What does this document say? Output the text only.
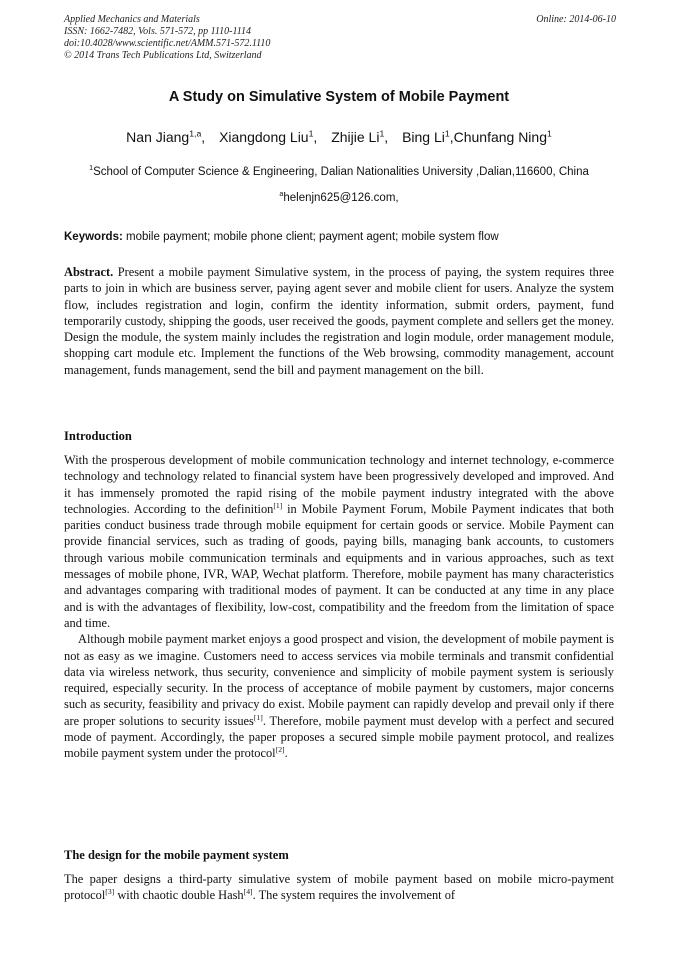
Applied Mechanics and Materials
ISSN: 1662-7482, Vols. 571-572, pp 1110-1114
doi:10.4028/www.scientific.net/AMM.571-572.1110
© 2014 Trans Tech Publications Ltd, Switzerland
Online: 2014-06-10
A Study on Simulative System of Mobile Payment
Nan Jiang$^{1,a}$, Xiangdong Liu$^1$, Zhijie Li$^1$, Bing Li$^1$,Chunfang Ning$^1$
$^1$School of Computer Science & Engineering, Dalian Nationalities University ,Dalian,116600, China
$^a$helenjn625@126.com,
Keywords: mobile payment; mobile phone client; payment agent; mobile system flow

Abstract. Present a mobile payment Simulative system, in the process of paying, the system requires three parts to join in which are business server, paying agent sever and mobile client for users. Analyze the system flow, includes registration and login, confirm the identity information, submit orders, payment, fund temporarily custody, shipping the goods, user received the goods, payment complete and sellers get the money. Design the module, the system mainly includes the registration and login module, order management module, shopping cart module etc. Implement the functions of the Web browsing, commodity management, account management, funds management, send the bill and payment management on the bill.

Introduction

With the prosperous development of mobile communication technology and internet technology, e-commerce technology and technology related to financial system have been progressively developed and improved. And it has immensely promoted the rapid rising of the mobile payment industry integrated with the above technologies. According to the definition[1] in Mobile Payment Forum, Mobile Payment indicates that both parities conduct business trade through mobile equipment for certain goods or service. Mobile Payment can provide financial services, such as trading of goods, paying bills, managing bank accounts, to customers through various mobile communication terminals and equipments and in various approaches, such as text messages of mobile phone, IVR, WAP, Wechat platform. Therefore, mobile payment has many characteristics and advantages comparing with traditional modes of payment. It can be conducted at any time in any place and is with the advantages of flexibility, low-cost, compatibility and the freedom from the limitation of space and time.

Although mobile payment market enjoys a good prospect and vision, the development of mobile payment is not as easy as we imagine. Customers need to access services via mobile terminals and transmit confidential data via wireless network, thus security, convenience and simplicity of mobile payment system is seriously required, especially security. In the process of acceptance of mobile payment by customers, major concerns such as security, feasibility and privacy do exist. Mobile payment can rapidly develop and prevail only if there are proper solutions to security issues[1]. Therefore, mobile payment must develop with a perfect and secured mode of payment. Accordingly, the paper proposes a secured simple mobile payment protocol, and realizes mobile payment system under the protocol[2].

The design for the mobile payment system

The paper designs a third-party simulative system of mobile payment based on mobile micro-payment protocol[3] with chaotic double Hash[4]. The system requires the involvement of
